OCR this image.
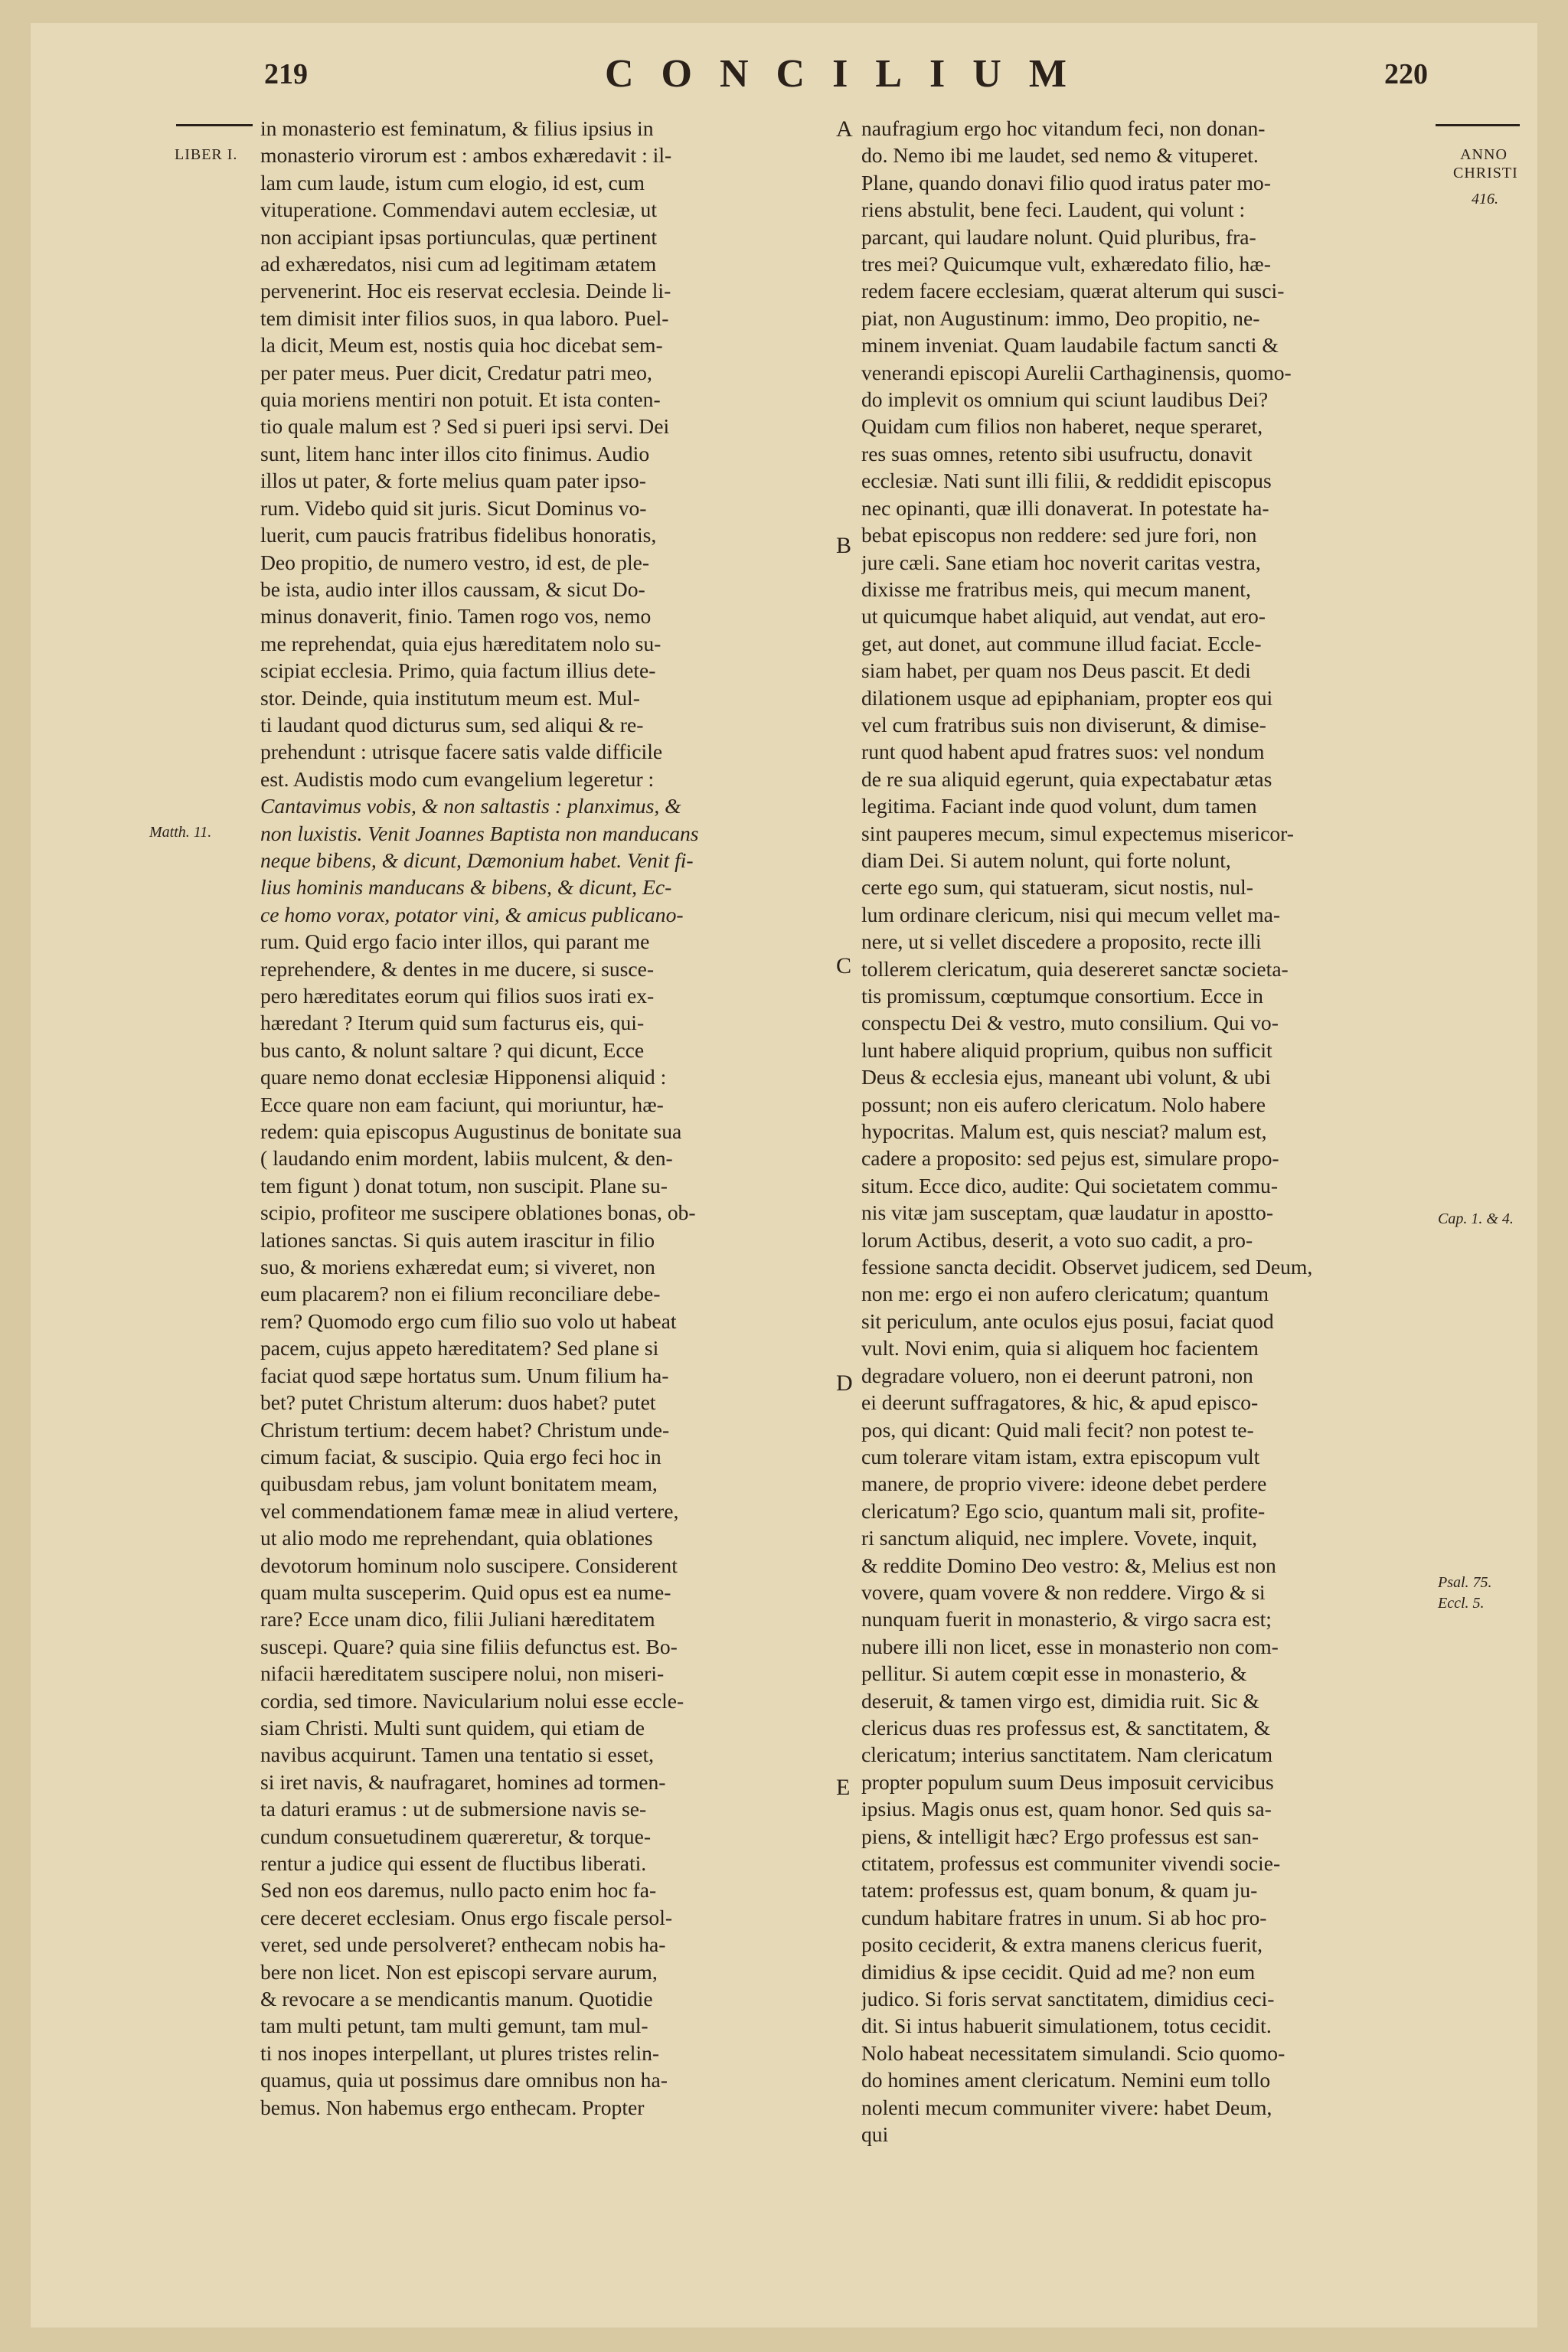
219	CONCILIUM	220
LIBER I.
Matth. 11.
ANNO CHRISTI
416.
Cap. 1. & 4.
Psal. 75.
Eccl. 5.
A
B
C
D
E
in monasterio est feminatum, & filius ipsius in
monasterio virorum est : ambos exhæredavit : il-
lam cum laude, istum cum elogio, id est, cum
vituperatione. Commendavi autem ecclesiæ, ut
non accipiant ipsas portiunculas, quæ pertinent
ad exhæredatos, nisi cum ad legitimam ætatem
pervenerint. Hoc eis reservat ecclesia. Deinde li-
tem dimisit inter filios suos, in qua laboro. Puel-
la dicit, Meum est, nostis quia hoc dicebat sem-
per pater meus. Puer dicit, Credatur patri meo,
quia moriens mentiri non potuit. Et ista conten-
tio quale malum est ? Sed si pueri ipsi servi. Dei
sunt, litem hanc inter illos cito finimus. Audio
illos ut pater, & forte melius quam pater ipso-
rum. Videbo quid sit juris. Sicut Dominus vo-
luerit, cum paucis fratribus fidelibus honoratis,
Deo propitio, de numero vestro, id est, de ple-
be ista, audio inter illos caussam, & sicut Do-
minus donaverit, finio. Tamen rogo vos, nemo
me reprehendat, quia ejus hæreditatem nolo su-
scipiat ecclesia. Primo, quia factum illius dete-
stor. Deinde, quia institutum meum est. Mul-
ti laudant quod dicturus sum, sed aliqui & re-
prehendunt : utrisque facere satis valde difficile
est. Audistis modo cum evangelium legeretur :
Cantavimus vobis, & non saltastis : planximus, &
non luxistis. Venit Joannes Baptista non manducans
neque bibens, & dicunt, Dæmonium habet. Venit fi-
lius hominis manducans & bibens, & dicunt, Ec-
ce homo vorax, potator vini, & amicus publicano-
rum. Quid ergo facio inter illos, qui parant me
reprehendere, & dentes in me ducere, si susce-
pero hæreditates eorum qui filios suos irati ex-
hæredant ? Iterum quid sum facturus eis, qui-
bus canto, & nolunt saltare ? qui dicunt, Ecce
quare nemo donat ecclesiæ Hipponensi aliquid :
Ecce quare non eam faciunt, qui moriuntur, hæ-
redem: quia episcopus Augustinus de bonitate sua
( laudando enim mordent, labiis mulcent, & den-
tem figunt ) donat totum, non suscipit. Plane su-
scipio, profiteor me suscipere oblationes bonas, ob-
lationes sanctas. Si quis autem irascitur in filio
suo, & moriens exhæredat eum; si viveret, non
eum placarem? non ei filium reconciliare debe-
rem? Quomodo ergo cum filio suo volo ut habeat
pacem, cujus appeto hæreditatem? Sed plane si
faciat quod sæpe hortatus sum. Unum filium ha-
bet? putet Christum alterum: duos habet? putet
Christum tertium: decem habet? Christum unde-
cimum faciat, & suscipio. Quia ergo feci hoc in
quibusdam rebus, jam volunt bonitatem meam,
vel commendationem famæ meæ in aliud vertere,
ut alio modo me reprehendant, quia oblationes
devotorum hominum nolo suscipere. Considerent
quam multa susceperim. Quid opus est ea nume-
rare? Ecce unam dico, filii Juliani hæreditatem
suscepi. Quare? quia sine filiis defunctus est. Bo-
nifacii hæreditatem suscipere nolui, non miseri-
cordia, sed timore. Navicularium nolui esse eccle-
siam Christi. Multi sunt quidem, qui etiam de
navibus acquirunt. Tamen una tentatio si esset,
si iret navis, & naufragaret, homines ad tormen-
ta daturi eramus : ut de submersione navis se-
cundum consuetudinem quæreretur, & torque-
rentur a judice qui essent de fluctibus liberati.
Sed non eos daremus, nullo pacto enim hoc fa-
cere deceret ecclesiam. Onus ergo fiscale persol-
veret, sed unde persolveret? enthecam nobis ha-
bere non licet. Non est episcopi servare aurum,
& revocare a se mendicantis manum. Quotidie
tam multi petunt, tam multi gemunt, tam mul-
ti nos inopes interpellant, ut plures tristes relin-
quamus, quia ut possimus dare omnibus non ha-
bemus. Non habemus ergo enthecam. Propter
naufragium ergo hoc vitandum feci, non donan-
do. Nemo ibi me laudet, sed nemo & vituperet.
Plane, quando donavi filio quod iratus pater mo-
riens abstulit, bene feci. Laudent, qui volunt :
parcant, qui laudare nolunt. Quid pluribus, fra-
tres mei? Quicumque vult, exhæredato filio, hæ-
redem facere ecclesiam, quærat alterum qui susci-
piat, non Augustinum: immo, Deo propitio, ne-
minem inveniat. Quam laudabile factum sancti &
venerandi episcopi Aurelii Carthaginensis, quomo-
do implevit os omnium qui sciunt laudibus Dei?
Quidam cum filios non haberet, neque speraret,
res suas omnes, retento sibi usufructu, donavit
ecclesiæ. Nati sunt illi filii, & reddidit episcopus
nec opinanti, quæ illi donaverat. In potestate ha-
bebat episcopus non reddere: sed jure fori, non
jure cæli. Sane etiam hoc noverit caritas vestra,
dixisse me fratribus meis, qui mecum manent,
ut quicumque habet aliquid, aut vendat, aut ero-
get, aut donet, aut commune illud faciat. Eccle-
siam habet, per quam nos Deus pascit. Et dedi
dilationem usque ad epiphaniam, propter eos qui
vel cum fratribus suis non diviserunt, & dimise-
runt quod habent apud fratres suos: vel nondum
de re sua aliquid egerunt, quia expectabatur ætas
legitima. Faciant inde quod volunt, dum tamen
sint pauperes mecum, simul expectemus misericor-
diam Dei. Si autem nolunt, qui forte nolunt,
certe ego sum, qui statueram, sicut nostis, nul-
lum ordinare clericum, nisi qui mecum vellet ma-
nere, ut si vellet discedere a proposito, recte illi
tollerem clericatum, quia desereret sanctæ societa-
tis promissum, cœptumque consortium. Ecce in
conspectu Dei & vestro, muto consilium. Qui vo-
lunt habere aliquid proprium, quibus non sufficit
Deus & ecclesia ejus, maneant ubi volunt, & ubi
possunt; non eis aufero clericatum. Nolo habere
hypocritas. Malum est, quis nesciat? malum est,
cadere a proposito: sed pejus est, simulare propo-
situm. Ecce dico, audite: Qui societatem commu-
nis vitæ jam susceptam, quæ laudatur in apostto-
lorum Actibus, deserit, a voto suo cadit, a pro-
fessione sancta decidit. Observet judicem, sed Deum,
non me: ergo ei non aufero clericatum; quantum
sit periculum, ante oculos ejus posui, faciat quod
vult. Novi enim, quia si aliquem hoc facientem
degradare voluero, non ei deerunt patroni, non
ei deerunt suffragatores, & hic, & apud episco-
pos, qui dicant: Quid mali fecit? non potest te-
cum tolerare vitam istam, extra episcopum vult
manere, de proprio vivere: ideone debet perdere
clericatum? Ego scio, quantum mali sit, profite-
ri sanctum aliquid, nec implere. Vovete, inquit,
& reddite Domino Deo vestro: &, Melius est non
vovere, quam vovere & non reddere. Virgo & si
nunquam fuerit in monasterio, & virgo sacra est;
nubere illi non licet, esse in monasterio non com-
pellitur. Si autem cœpit esse in monasterio, &
deseruit, & tamen virgo est, dimidia ruit. Sic &
clericus duas res professus est, & sanctitatem, &
clericatum; interius sanctitatem. Nam clericatum
propter populum suum Deus imposuit cervicibus
ipsius. Magis onus est, quam honor. Sed quis sa-
piens, & intelligit hæc? Ergo professus est san-
ctitatem, professus est communiter vivendi socie-
tatem: professus est, quam bonum, & quam ju-
cundum habitare fratres in unum. Si ab hoc pro-
posito ceciderit, & extra manens clericus fuerit,
dimidius & ipse cecidit. Quid ad me? non eum
judico. Si foris servat sanctitatem, dimidius ceci-
dit. Si intus habuerit simulationem, totus cecidit.
Nolo habeat necessitatem simulandi. Scio quomo-
do homines ament clericatum. Nemini eum tollo
nolenti mecum communiter vivere: habet Deum,
qui
